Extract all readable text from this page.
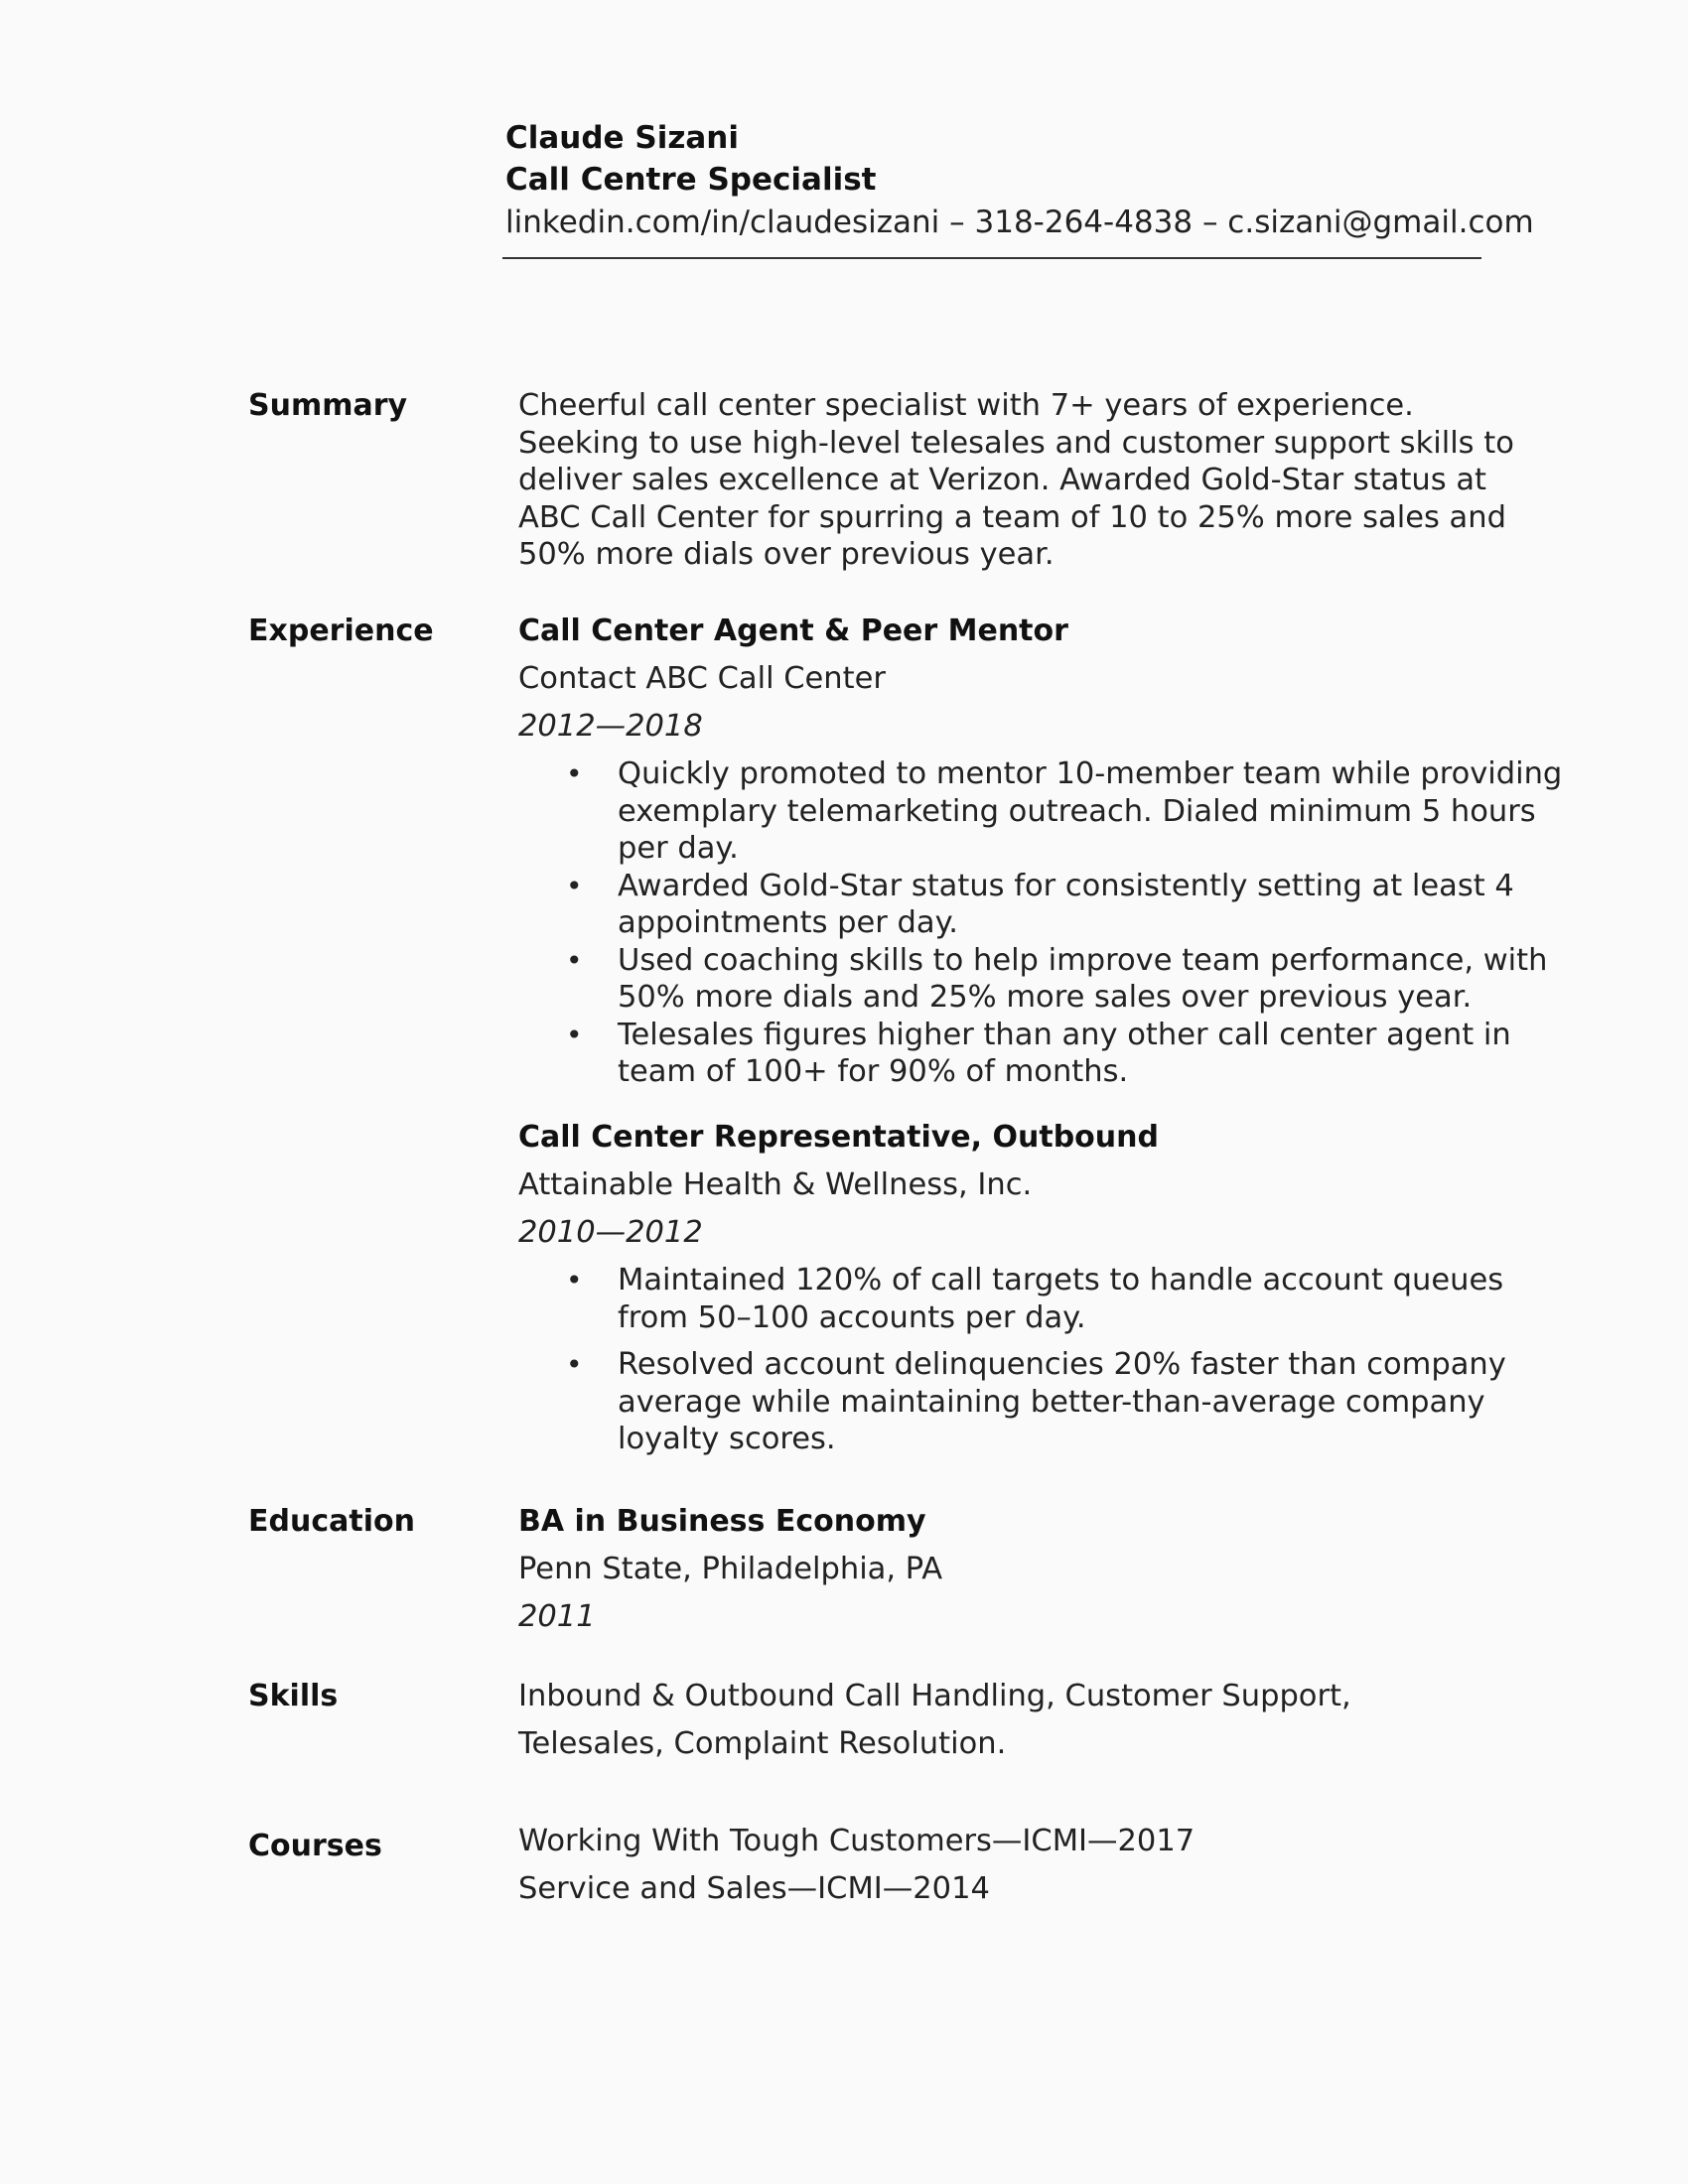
Claude Sizani
Call Centre Specialist
linkedin.com/in/claudesizani – 318-264-4838 – c.sizani@gmail.com
Summary	Cheerful call center specialist with 7+ years of experience. Seeking to use high-level telesales and customer support skills to deliver sales excellence at Verizon. Awarded Gold-Star status at ABC Call Center for spurring a team of 10 to 25% more sales and 50% more dials over previous year.

Experience	Call Center Agent & Peer Mentor
Contact ABC Call Center
2012—2018
• Quickly promoted to mentor 10-member team while providing exemplary telemarketing outreach. Dialed minimum 5 hours per day.
• Awarded Gold-Star status for consistently setting at least 4 appointments per day.
• Used coaching skills to help improve team performance, with 50% more dials and 25% more sales over previous year.
• Telesales figures higher than any other call center agent in team of 100+ for 90% of months.
Call Center Representative, Outbound
Attainable Health & Wellness, Inc.
2010—2012
• Maintained 120% of call targets to handle account queues from 50–100 accounts per day.
• Resolved account delinquencies 20% faster than company average while maintaining better-than-average company loyalty scores.
Education	BA in Business Economy
Penn State, Philadelphia, PA
2011
Skills	Inbound & Outbound Call Handling, Customer Support,
Telesales, Complaint Resolution.
Courses	Working With Tough Customers—ICMI—2017
Service and Sales—ICMI—2014
